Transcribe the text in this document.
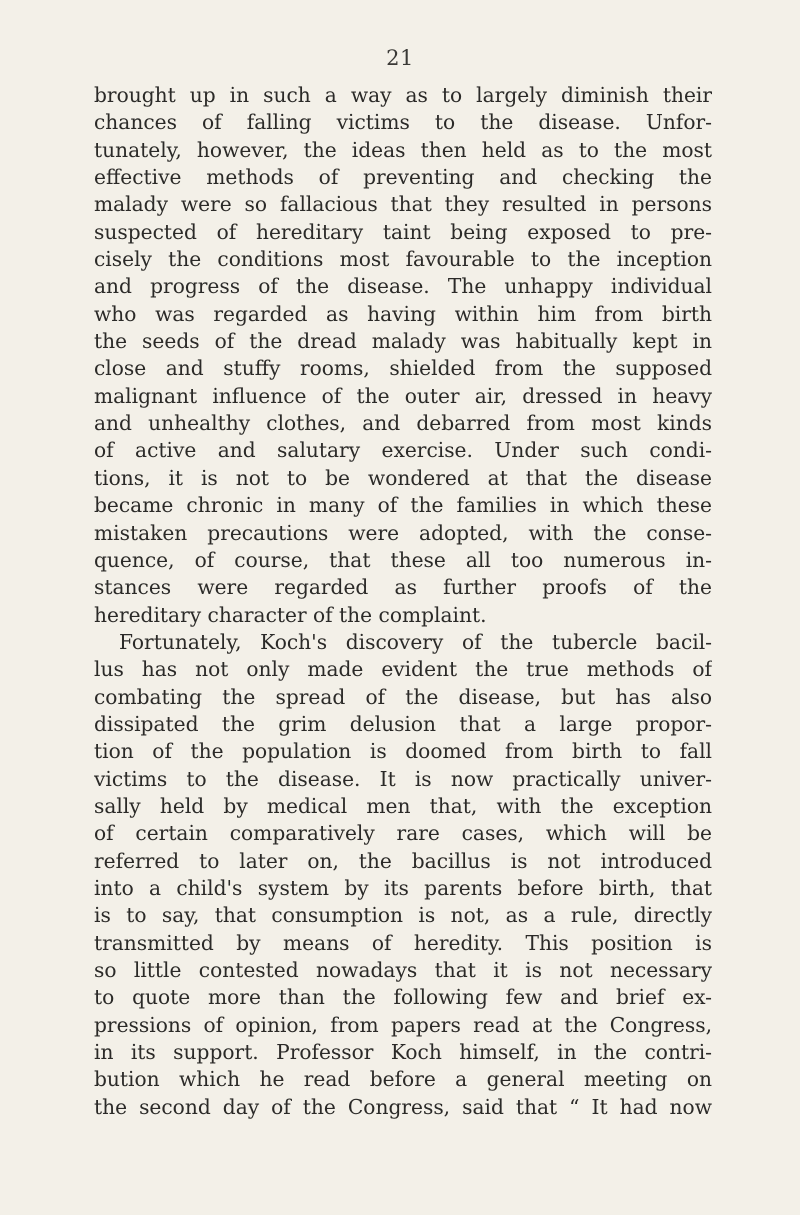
21
brought up in such a way as to largely diminish their
chances of falling victims to the disease. Unfor-
tunately, however, the ideas then held as to the most
effective methods of preventing and checking the
malady were so fallacious that they resulted in persons
suspected of hereditary taint being exposed to pre-
cisely the conditions most favourable to the inception
and progress of the disease. The unhappy individual
who was regarded as having within him from birth
the seeds of the dread malady was habitually kept in
close and stuffy rooms, shielded from the supposed
malignant influence of the outer air, dressed in heavy
and unhealthy clothes, and debarred from most kinds
of active and salutary exercise. Under such condi-
tions, it is not to be wondered at that the disease
became chronic in many of the families in which these
mistaken precautions were adopted, with the conse-
quence, of course, that these all too numerous in-
stances were regarded as further proofs of the
hereditary character of the complaint.
Fortunately, Koch's discovery of the tubercle bacil-
lus has not only made evident the true methods of
combating the spread of the disease, but has also
dissipated the grim delusion that a large propor-
tion of the population is doomed from birth to fall
victims to the disease. It is now practically univer-
sally held by medical men that, with the exception
of certain comparatively rare cases, which will be
referred to later on, the bacillus is not introduced
into a child's system by its parents before birth, that
is to say, that consumption is not, as a rule, directly
transmitted by means of heredity. This position is
so little contested nowadays that it is not necessary
to quote more than the following few and brief ex-
pressions of opinion, from papers read at the Congress,
in its support. Professor Koch himself, in the contri-
bution which he read before a general meeting on
the second day of the Congress, said that “ It had now
